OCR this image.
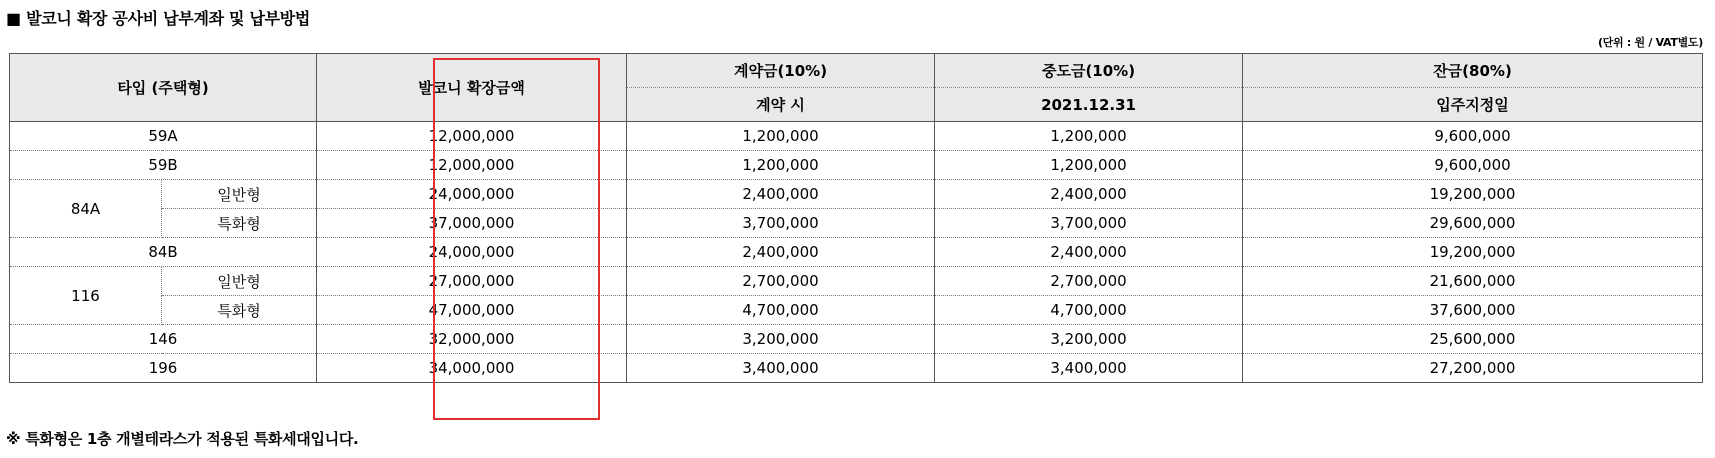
■ 발코니 확장 공사비 납부계좌 및 납부방법
(단위 : 원 / VAT별도)
타입 (주택형)		발코니 확장금액	계약금(10%)	중도금(10%)	잔금(80%)
			계약 시	2021.12.31	입주지정일
59A		12,000,000	1,200,000	1,200,000	9,600,000
59B		12,000,000	1,200,000	1,200,000	9,600,000
84A	일반형	24,000,000	2,400,000	2,400,000	19,200,000
	특화형	37,000,000	3,700,000	3,700,000	29,600,000
84B		24,000,000	2,400,000	2,400,000	19,200,000
116	일반형	27,000,000	2,700,000	2,700,000	21,600,000
	특화형	47,000,000	4,700,000	4,700,000	37,600,000
146		32,000,000	3,200,000	3,200,000	25,600,000
196		34,000,000	3,400,000	3,400,000	27,200,000
※ 특화형은 1층 개별테라스가 적용된 특화세대입니다.
